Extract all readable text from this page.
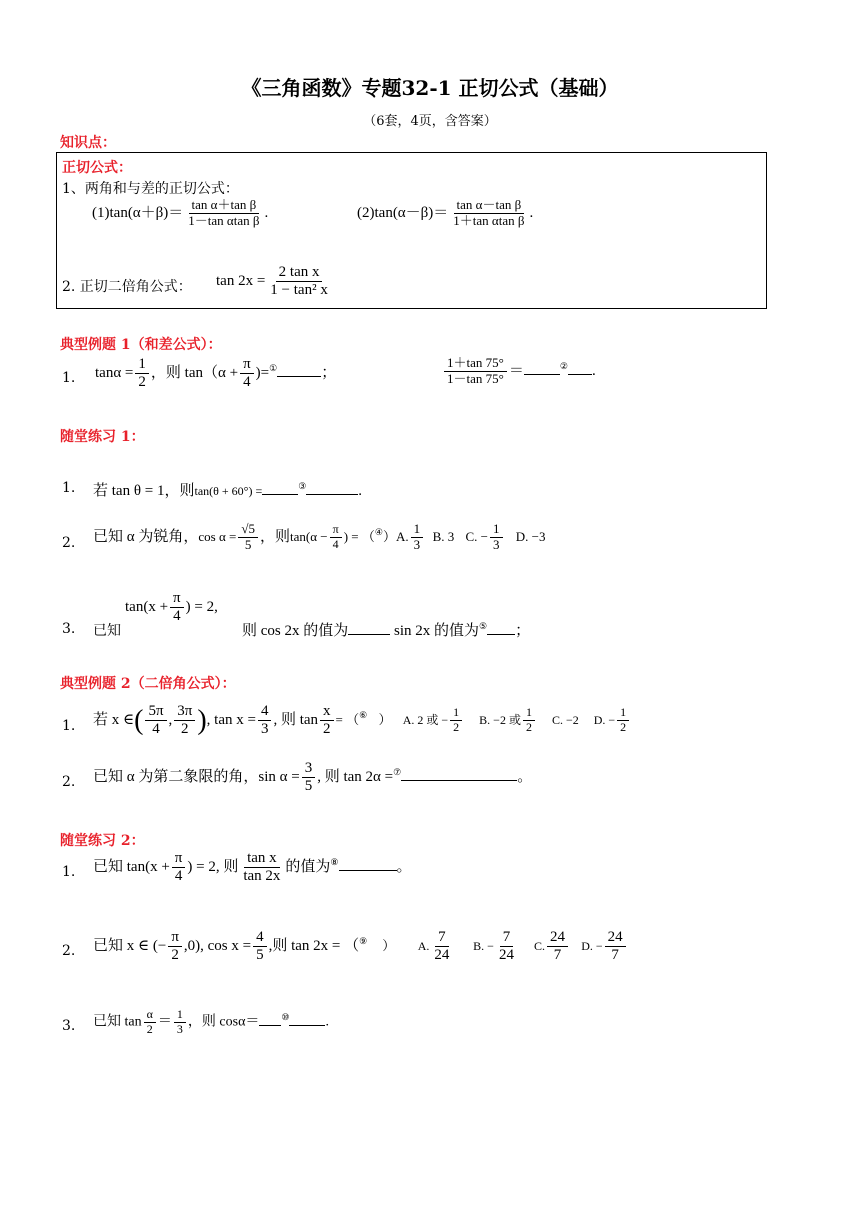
《三角函数》专题32-1 正切公式（基础）
（6套，4页，含答案）
知识点：
正切公式：
1、两角和与差的正切公式：
$(1)\tan(\alpha+\beta)= \frac{\text{tan α＋tan β}}{\text{1－tan αtan β}}$ .	$(2)\tan(\alpha-\beta)= \frac{\text{tan α－tan β}}{\text{1＋tan αtan β}}$ .
2. 正切二倍角公式： $\tan 2x = \frac{\text{2 tan x}}{\text{1 − tan² x}}$
典型例题 1（和差公式）：
1. $\tan\alpha = \frac{1}{2}$ ，则 $\tan(\alpha + \frac{\pi}{4} )=^①$	；	$\frac{1+\tan 75^\circ}{1-\tan 75^\circ}$ ＝	② .
随堂练习 1：
1. 若 tan θ = 1，则tan(θ + 60°) =	③	.
2. 已知 α 为锐角，$\cos \alpha = \frac{√5}{5}$ ，则$\tan(\alpha - \frac{\pi}{4}$ ) = （④）A. $\frac{1}{3} B$. 3 C. − $\frac{1}{3} D$. −3
3. 已知
$\tan(x + \frac{\pi}{4}$ ) = 2,
则 cos 2x 的值为	sin 2x 的值为⑤ ；
典型例题 2（二倍角公式）：
1. 若 x ∈( $\frac{5\pi}{4}$ , $\frac{3\pi}{2}$ ), $\tan x = \frac{4}{3}$ , 则 $\tan \frac{x}{2} = (^⑥$ ） A. 2 或 − $\frac{1}{2} B$. −2 或 $\frac{1}{2} C$. −2 D. − $\frac{1}{2}$
2. 已知 α 为第二象限的角，$\sin \alpha = \frac{3}{5}$ , 则 tan 2α =⑦	。
随堂练习 2：
1. 已知 $\tan(x + \frac{\pi}{4}$ ) = 2, 则 $\frac{\text{tan x}}{\tan 2x}$ 的值为⑧	。
2. 已知 x ∈ (− $\frac{\pi}{2} ,0$), $\cos x = \frac{4}{5}$ ,则 tan 2x = （⑨ ） A. $\frac{7}{24} B$. − $\frac{7}{24} C$. $\frac{24}{7} D$. − $\frac{24}{7}$
3. 已知 $\tan \frac{\alpha}{2} = \frac{1}{3}$ ，则 cosα＝ ⑩	.
